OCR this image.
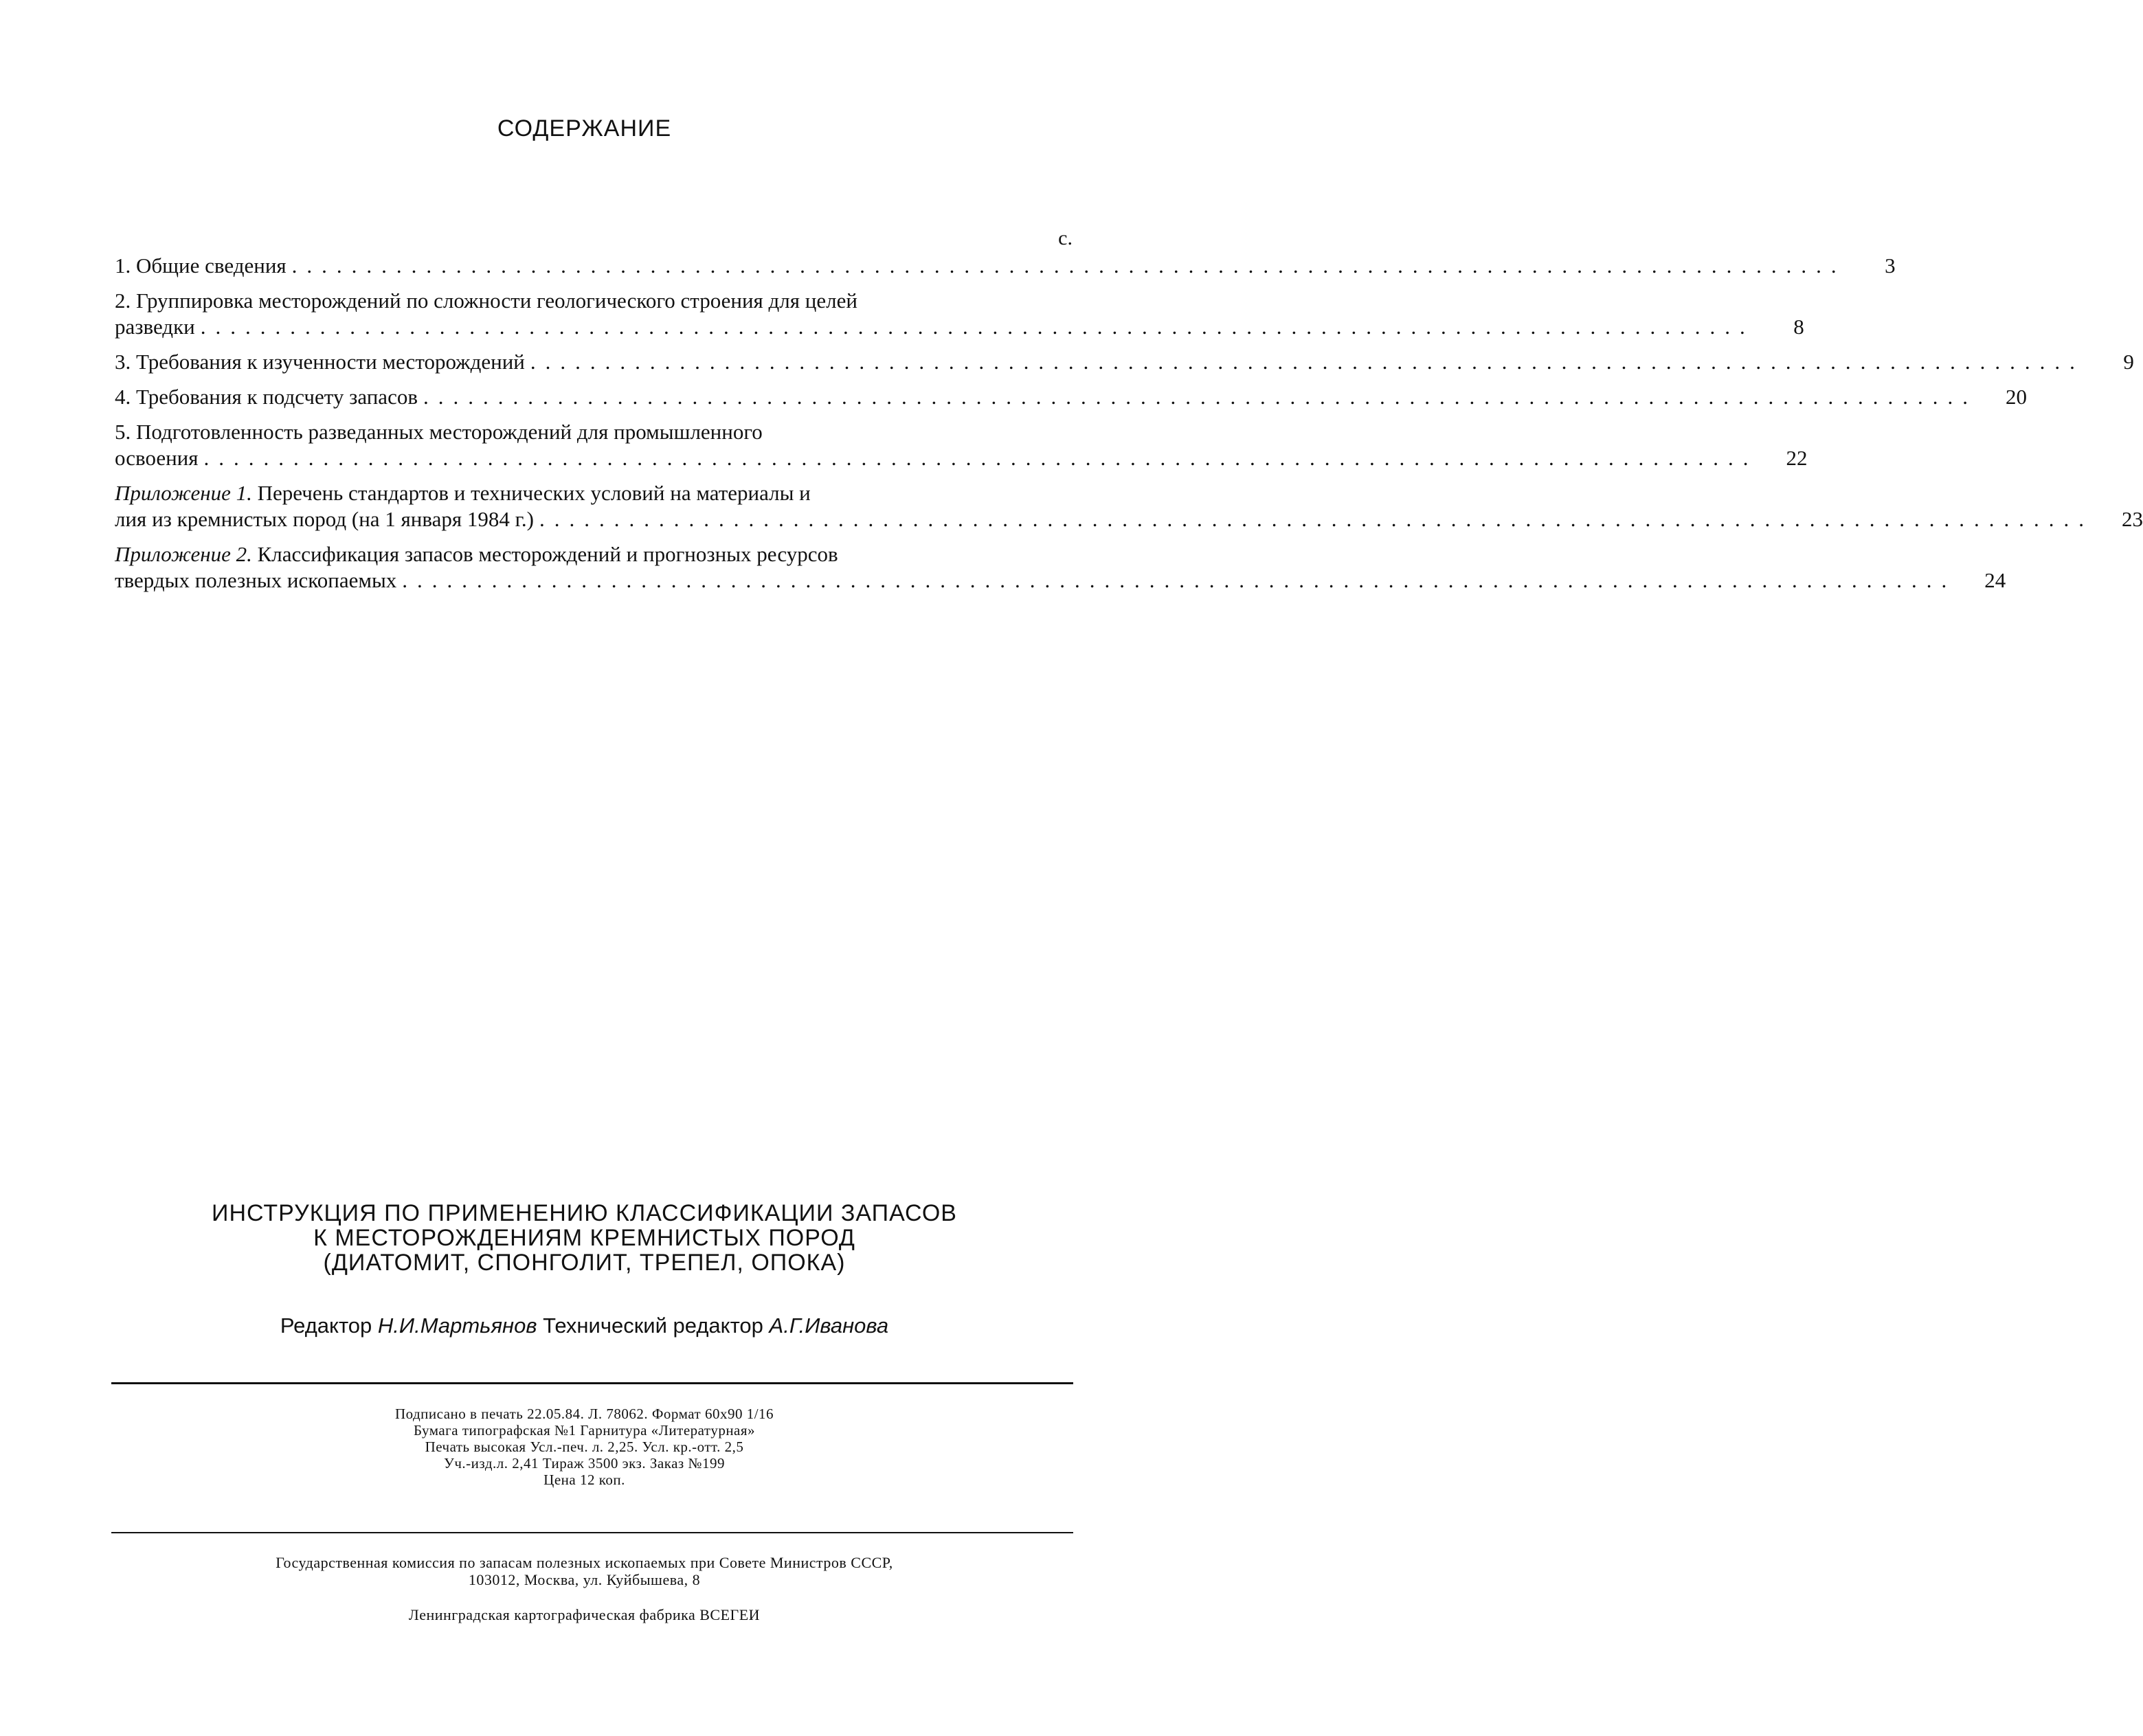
СОДЕРЖАНИЕ
с.
1. Общие сведения ........................................................................................................	3
2. Группировка месторождений по сложности геологического строения для целей
разведки ........................................................................................................	8
3. Требования к изученности месторождений ........................................................................................................	9
4. Требования к подсчету запасов ........................................................................................................	20
5. Подготовленность разведанных месторождений для промышленного
освоения ........................................................................................................	22
Приложение 1. Перечень стандартов и технических условий на материалы и
лия из кремнистых пород (на 1 января 1984 г.) ........................................................................................................	23
Приложение 2. Классификация запасов месторождений и прогнозных ресурсов
твердых полезных ископаемых ........................................................................................................	24
ИНСТРУКЦИЯ ПО ПРИМЕНЕНИЮ КЛАССИФИКАЦИИ ЗАПАСОВ
К МЕСТОРОЖДЕНИЯМ КРЕМНИСТЫХ ПОРОД
(ДИАТОМИТ, СПОНГОЛИТ, ТРЕПЕЛ, ОПОКА)
Редактор Н.И.Мартьянов Технический редактор А.Г.Иванова
Подписано в печать 22.05.84. Л. 78062. Формат 60х90 1/16
Бумага типографская №1 Гарнитура «Литературная»
Печать высокая Усл.-печ. л. 2,25. Усл. кр.-отт. 2,5
Уч.-изд.л. 2,41 Тираж 3500 экз. Заказ №199
Цена 12 коп.
Государственная комиссия по запасам полезных ископаемых при Совете Министров СССР,
103012, Москва, ул. Куйбышева, 8
Ленинградская картографическая фабрика ВСЕГЕИ
